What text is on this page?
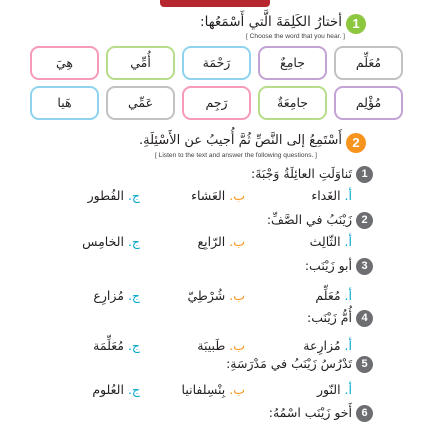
1
أختارُ الكَلِمَةَ الَّتي أَسْمَعُها:
[ Choose the word that you hear. ]
هِيَ	أُمِّي	رَحْمَة	جامِعٌ	مُعَلِّم
هَيا	عَمِّي	رَجِم	جامِعَةٌ	مُؤْلِم
2
أَسْتَمِعُ إلى النَّصِّ ثُمَّ أُجيبُ عن الأَسْئِلَةِ.
[ Listen to the text and answer the following questions. ]
1
تَناوَلَتِ العائِلَةُ وَجْبَةَ:
أ. الغَداء
ب. العَشاء
ج. الفُطور
2
زَيْنَبُ في الصَّفِّ:
أ. الثّالِث
ب. الرّابِع
ج. الخامِس
3
أبو زَيْنَب:
أ. مُعَلِّم
ب. شُرْطِيّ
ج. مُزارِع
4
أُمُّ زَيْنَب:
أ. مُزارِعة
ب. طَبيبَة
ج. مُعَلِّمَة
5
تَدْرُسُ زَيْنَبُ في مَدْرَسَةِ:
أ. النّور
ب. بِنْسِلفانيا
ج. العُلوم
6
أَخو زَيْنَب اسْمُهُ:
